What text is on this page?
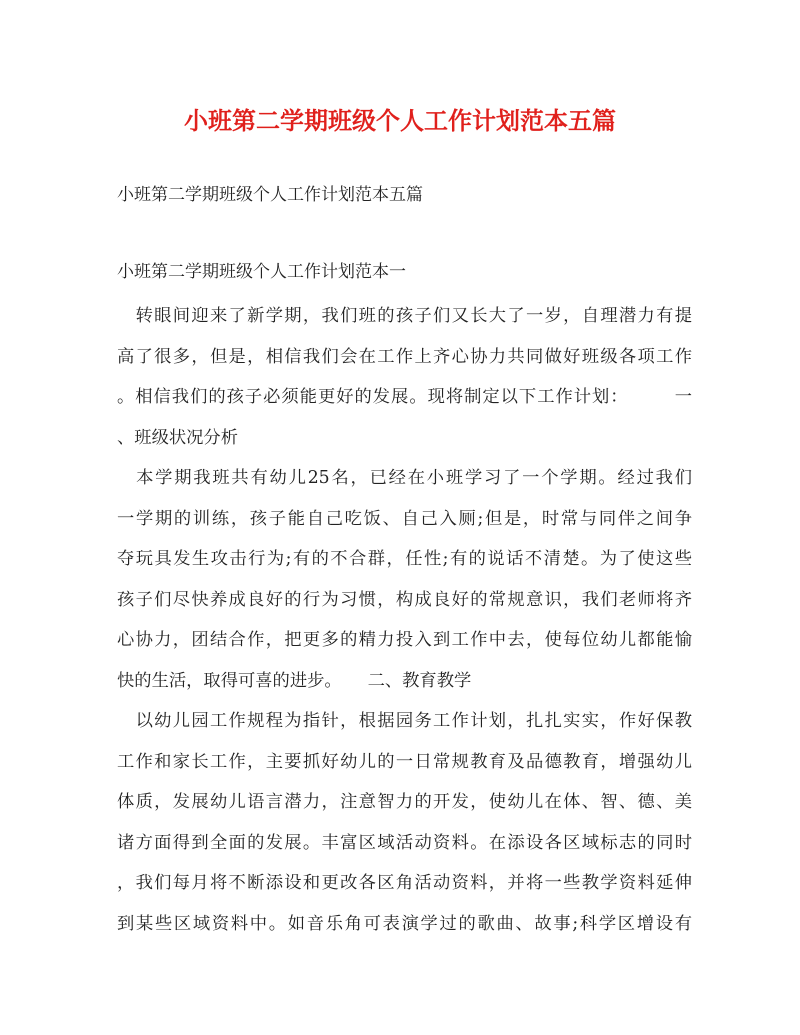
小班第二学期班级个人工作计划范本五篇

小班第二学期班级个人工作计划范本五篇

小班第二学期班级个人工作计划范本一

　转眼间迎来了新学期，我们班的孩子们又长大了一岁，自理潜力有提
高了很多，但是，相信我们会在工作上齐心协力共同做好班级各项工作
。相信我们的孩子必须能更好的发展。现将制定以下工作计划：　　　一
、班级状况分析
　本学期我班共有幼儿25名，已经在小班学习了一个学期。经过我们
一学期的训练，孩子能自己吃饭、自己入厕;但是，时常与同伴之间争
夺玩具发生攻击行为;有的不合群，任性;有的说话不清楚。为了使这些
孩子们尽快养成良好的行为习惯，构成良好的常规意识，我们老师将齐
心协力，团结合作，把更多的精力投入到工作中去，使每位幼儿都能愉
快的生活，取得可喜的进步。　　二、教育教学
　以幼儿园工作规程为指针，根据园务工作计划，扎扎实实，作好保教
工作和家长工作，主要抓好幼儿的一日常规教育及品德教育，增强幼儿
体质，发展幼儿语言潜力，注意智力的开发，使幼儿在体、智、德、美
诸方面得到全面的发展。丰富区域活动资料。在添设各区域标志的同时
，我们每月将不断添设和更改各区角活动资料，并将一些教学资料延伸
到某些区域资料中。如音乐角可表演学过的歌曲、故事;科学区增设有
